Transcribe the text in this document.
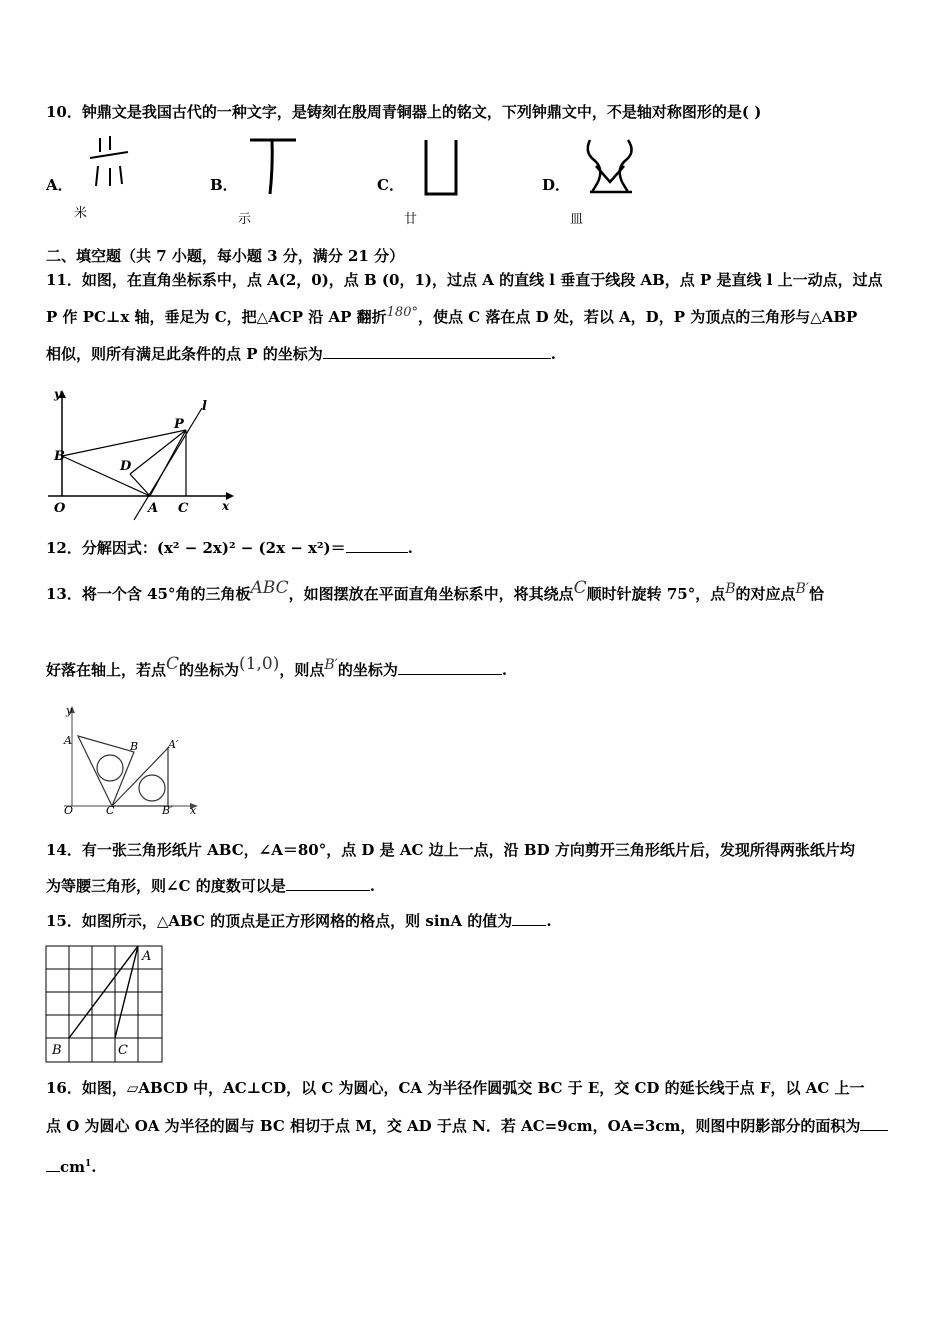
10．钟鼎文是我国古代的一种文字，是铸刻在殷周青铜器上的铭文，下列钟鼎文中，不是轴对称图形的是( )
A．
米
B．
示
C．
廿
D．
皿
二、填空题（共 7 小题，每小题 3 分，满分 21 分）
11．如图，在直角坐标系中，点 A(2，0)，点 B (0，1)，过点 A 的直线 l 垂直于线段 AB，点 P 是直线 l 上一动点，过点
P 作 PC⊥x 轴，垂足为 C，把△ACP 沿 AP 翻折180°，使点 C 落在点 D 处，若以 A，D，P 为顶点的三角形与△ABP
相似，则所有满足此条件的点 P 的坐标为	.
y
l
P
B
D
O	A C	x
12．分解因式：(x² − 2x)² − (2x − x²)＝	.
13．将一个含 45°角的三角板ABC，如图摆放在平面直角坐标系中，将其绕点C顺时针旋转 75°，点B的对应点B′恰
好落在轴上，若点C的坐标为(1,0)，则点B′的坐标为	.
y
A	B	A′
O	C	B′ x
14．有一张三角形纸片 ABC，∠A＝80°，点 D 是 AC 边上一点，沿 BD 方向剪开三角形纸片后，发现所得两张纸片均
为等腰三角形，则∠C 的度数可以是	.
15．如图所示，△ABC 的顶点是正方形网格的格点，则 sinA 的值为 .
A
B	C
16．如图，▱ABCD 中，AC⊥CD，以 C 为圆心，CA 为半径作圆弧交 BC 于 E，交 CD 的延长线于点 F，以 AC 上一
点 O 为圆心 OA 为半径的圆与 BC 相切于点 M，交 AD 于点 N．若 AC=9cm，OA=3cm，则图中阴影部分的面积为
$cm^1$.
